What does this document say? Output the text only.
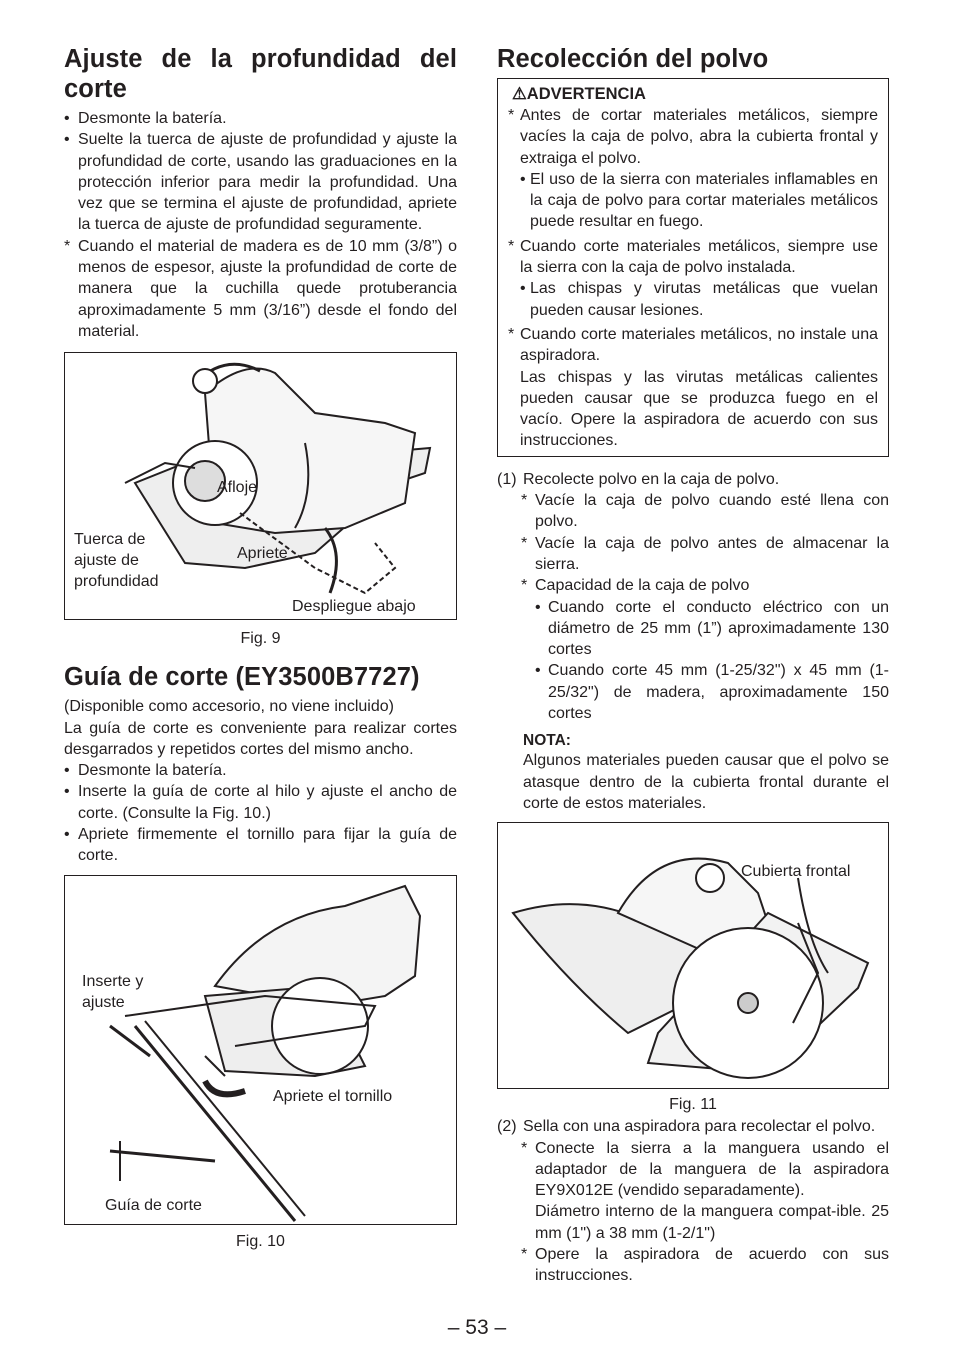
Ajuste de la profundidad del corte
• Desmonte la batería.
• Suelte la tuerca de ajuste de profundidad y ajuste la profundidad de corte, usando las graduaciones en la protección inferior para medir la profundidad. Una vez que se termina el ajuste de profundidad, apriete la tuerca de ajuste de profundidad seguramente.
* Cuando el material de madera es de 10 mm (3/8”) o menos de espesor, ajuste la profundidad de corte de manera que la cuchilla quede protuberancia aproximadamente 5 mm (3/16”) desde el fondo del material.
Afloje
Tuerca de ajuste de profundidad
Apriete
Despliegue abajo
Fig. 9
Guía de corte (EY3500B7727)

(Disponible como accesorio, no viene incluido)

La guía de corte es conveniente para realizar cortes desgarrados y repetidos cortes del mismo ancho.

• Desmonte la batería.
• Inserte la guía de corte al hilo y ajuste el ancho de corte. (Consulte la Fig. 10.)
• Apriete firmemente el tornillo para fijar la guía de corte.
Inserte y ajuste
Apriete el tornillo
Guía de corte
Fig. 10
Recolección del polvo
⚠ADVERTENCIA
* Antes de cortar materiales metálicos, siempre vacíes la caja de polvo, abra la cubierta frontal y extraiga el polvo.
• El uso de la sierra con materiales inflamables en la caja de polvo para cortar materiales metálicos puede resultar en fuego.
* Cuando corte materiales metálicos, siempre use la sierra con la caja de polvo instalada.
• Las chispas y virutas metálicas que vuelan pueden causar lesiones.
* Cuando corte materiales metálicos, no instale una aspiradora.

Las chispas y las virutas metálicas calientes pueden causar que se produzca fuego en el vacío. Opere la aspiradora de acuerdo con sus instrucciones.

(1) Recolecte polvo en la caja de polvo.
* Vacíe la caja de polvo cuando esté llena con polvo.
* Vacíe la caja de polvo antes de almacenar la sierra.
* Capacidad de la caja de polvo
• Cuando corte el conducto eléctrico con un diámetro de 25 mm (1”) aproximadamente 130 cortes
• Cuando corte 45 mm (1-25/32") x 45 mm (1-25/32") de madera, aproximadamente 150 cortes
NOTA:
Algunos materiales pueden causar que el polvo se atasque dentro de la cubierta frontal durante el corte de estos materiales.
Cubierta frontal
Fig. 11
(2) Sella con una aspiradora para recolectar el polvo.
* Conecte la sierra a la manguera usando el adaptador de la manguera de la aspiradora EY9X012E (vendido separadamente).
Diámetro interno de la manguera compat-ible. 25 mm (1") a 38 mm (1-2/1")
* Opere la aspiradora de acuerdo con sus instrucciones.
– 53 –
